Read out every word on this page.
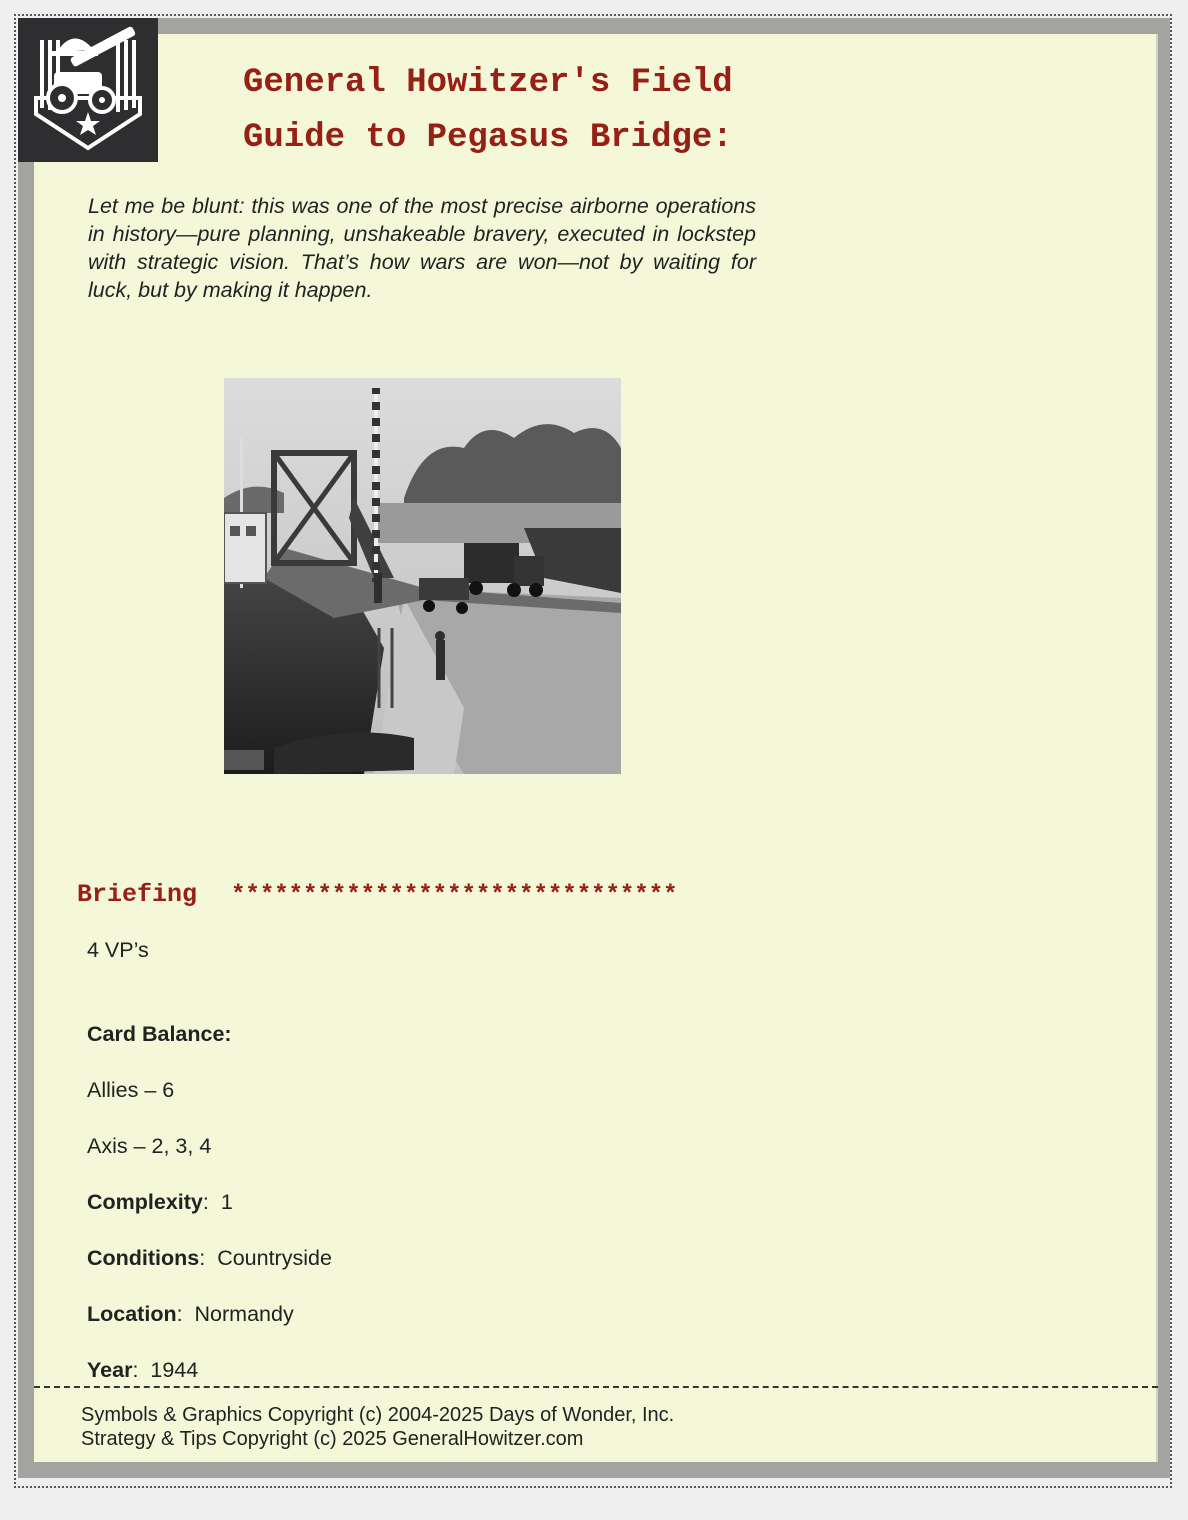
General Howitzer's Field
Guide to Pegasus Bridge:

Let me be blunt: this was one of the most precise airborne operations in history—pure planning, unshakeable bravery, executed in lockstep with strategic vision. That’s how wars are won—not by waiting for luck, but by making it happen.

Briefing *******************************
4 VP’s
Card Balance:
Allies – 6
Axis – 2, 3, 4
Complexity:  1
Conditions:  Countryside
Location:  Normandy
Year:  1944
Symbols & Graphics Copyright (c) 2004-2025 Days of Wonder, Inc.
Strategy & Tips Copyright (c) 2025 GeneralHowitzer.com
